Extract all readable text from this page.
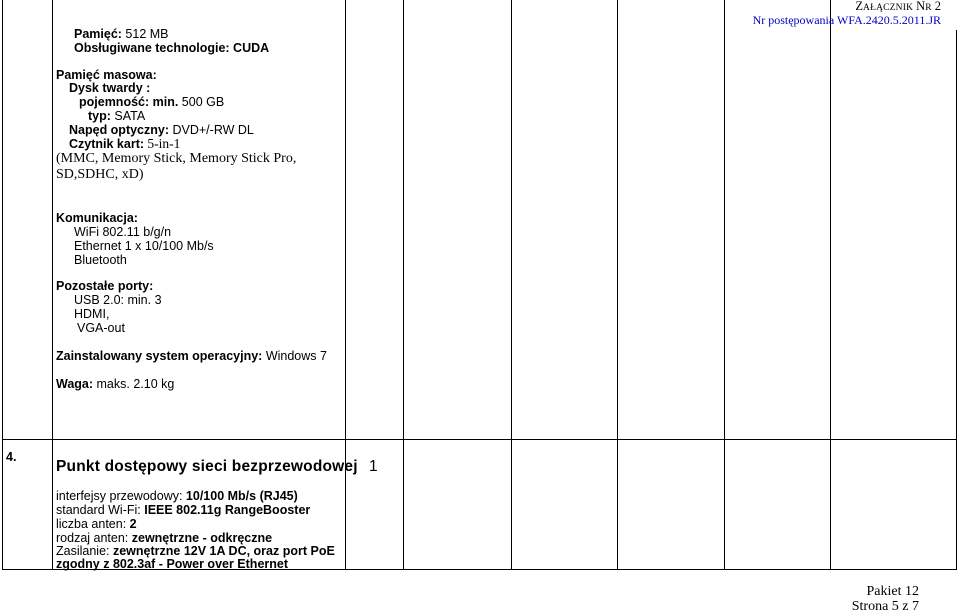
ZAŁĄCZNIK NR 2
Nr postępowania WFA.2420.5.2011.JR
Pamięć: 512 MB
Obsługiwane technologie: CUDA
Pamięć masowa:
Dysk twardy :
pojemność: min. 500 GB
typ: SATA
Napęd optyczny: DVD+/-RW DL
Czytnik kart: 5-in-1
(MMC, Memory Stick, Memory Stick Pro,
SD,SDHC, xD)
Komunikacja:
WiFi 802.11 b/g/n
Ethernet 1 x 10/100 Mb/s
Bluetooth
Pozostałe porty:
USB 2.0: min. 3
HDMI,
VGA-out
Zainstalowany system operacyjny: Windows 7
Waga: maks. 2.10 kg
4.
Punkt dostępowy sieci bezprzewodowej 1
interfejsy przewodowy: 10/100 Mb/s (RJ45)
standard Wi-Fi: IEEE 802.11g RangeBooster
liczba anten: 2
rodzaj anten: zewnętrzne - odkręczne
Zasilanie: zewnętrzne 12V 1A DC, oraz port PoE
zgodny z 802.3af - Power over Ethernet
Pakiet 12
Strona 5 z 7
